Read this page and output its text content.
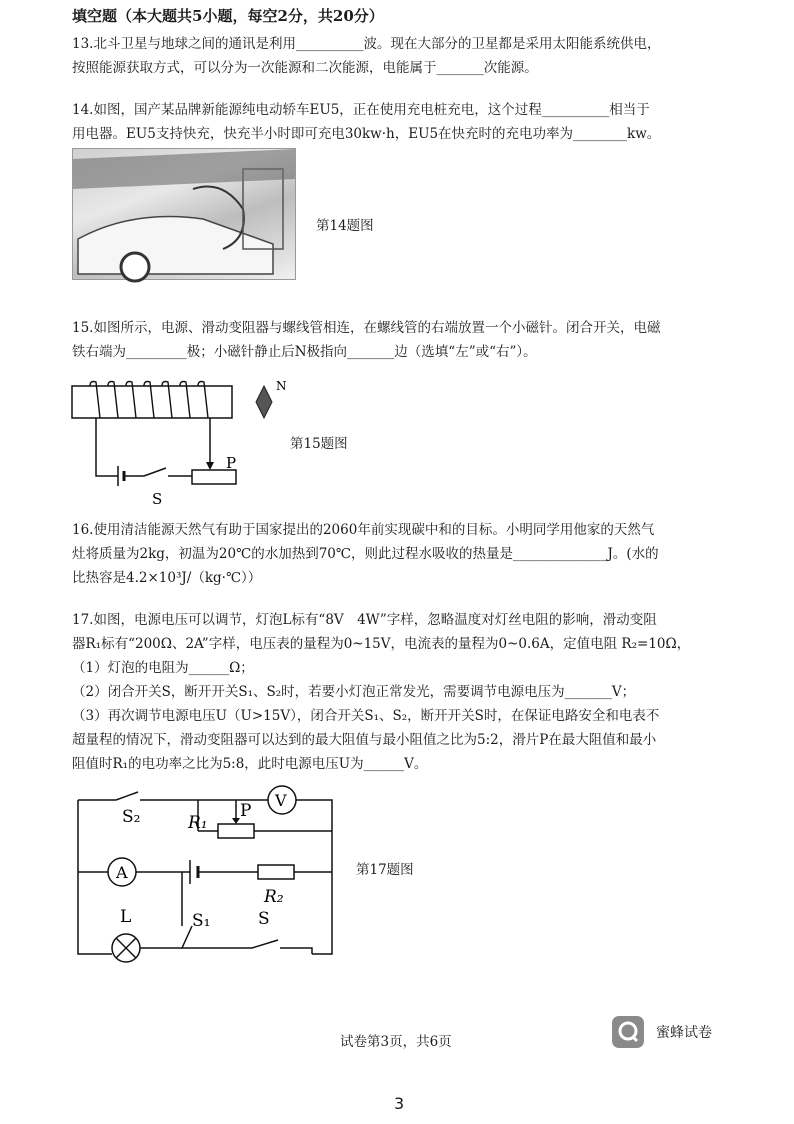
填空题（本大题共5小题，每空2分，共20分）
13.北斗卫星与地球之间的通讯是利用__________波。现在大部分的卫星都是采用太阳能系统供电，
按照能源获取方式，可以分为一次能源和二次能源，电能属于_______次能源。
14.如图，国产某品牌新能源纯电动轿车EU5，正在使用充电桩充电，这个过程__________相当于
用电器。EU5支持快充，快充半小时即可充电30kw·h，EU5在快充时的充电功率为________kw。
第14题图
15.如图所示，电源、滑动变阻器与螺线管相连，在螺线管的右端放置一个小磁针。闭合开关，电磁
铁右端为_________极；小磁针静止后N极指向_______边（选填“左”或“右”）。
P
S
N
第15题图
16.使用清洁能源天然气有助于国家提出的2060年前实现碳中和的目标。小明同学用他家的天然气
灶将质量为2kg，初温为20℃的水加热到70℃，则此过程水吸收的热量是______________J。(水的
比热容是4.2×10³J/（kg·℃））
17.如图，电源电压可以调节，灯泡L标有“8V　4W”字样，忽略温度对灯丝电阻的影响，滑动变阻
器R₁标有“200Ω、2A”字样，电压表的量程为0~15V，电流表的量程为0~0.6A，定值电阻 R₂=10Ω，
（1）灯泡的电阻为______Ω；
（2）闭合开关S，断开开关S₁、S₂时，若要小灯泡正常发光，需要调节电源电压为_______V；
（3）再次调节电源电压U（U>15V），闭合开关S₁、S₂，断开开关S时，在保证电路安全和电表不
超量程的情况下，滑动变阻器可以达到的最大阻值与最小阻值之比为5:2，滑片P在最大阻值和最小
阻值时R₁的电功率之比为5:8，此时电源电压U为______V。
S₂	R₁
P
V
A
R₂
L	S₁	S
第17题图
试卷第3页，共6页
蜜蜂试卷
3
